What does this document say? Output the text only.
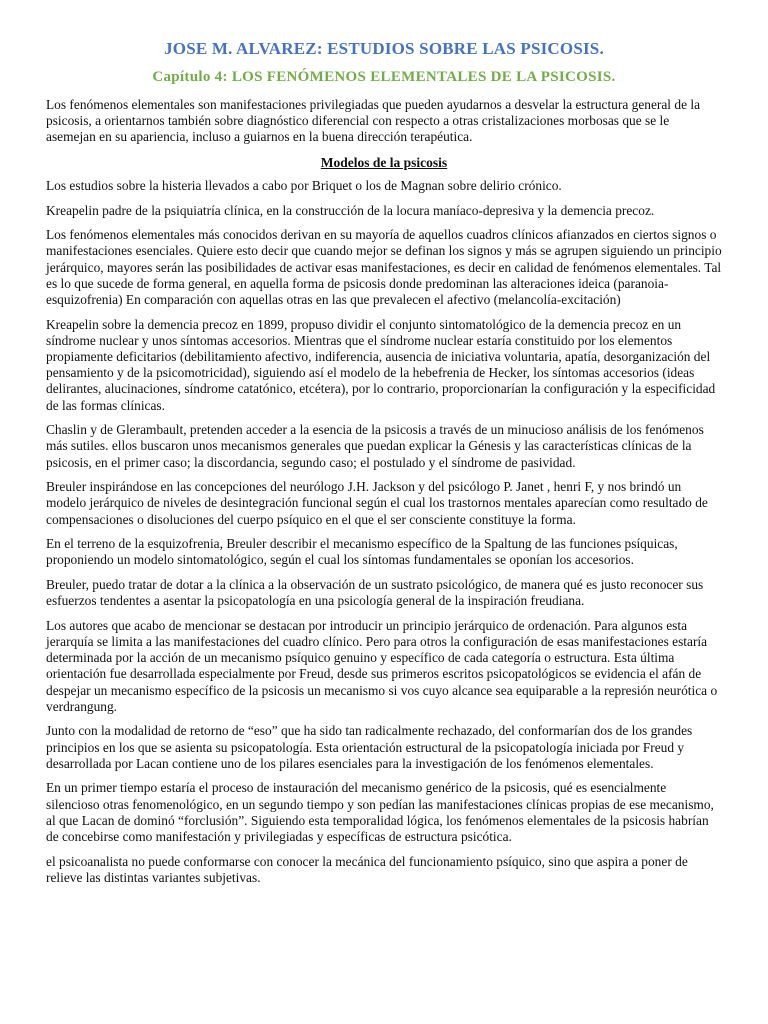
JOSE M. ALVAREZ: ESTUDIOS SOBRE LAS PSICOSIS.
Capítulo 4: LOS FENÓMENOS ELEMENTALES DE LA PSICOSIS.

Los fenómenos elementales son manifestaciones privilegiadas que pueden ayudarnos a desvelar la estructura general de la psicosis, a orientarnos también sobre diagnóstico diferencial con respecto a otras cristalizaciones morbosas que se le asemejan en su apariencia, incluso a guiarnos en la buena dirección terapéutica.

Modelos de la psicosis

Los estudios sobre la histeria llevados a cabo por Briquet o los de Magnan sobre delirio crónico.

Kreapelin padre de la psiquiatría clínica, en la construcción de la locura maníaco-depresiva y la demencia precoz.

Los fenómenos elementales más conocidos derivan en su mayoría de aquellos cuadros clínicos afianzados en ciertos signos o manifestaciones esenciales. Quiere esto decir que cuando mejor se definan los signos y más se agrupen siguiendo un principio jerárquico, mayores serán las posibilidades de activar esas manifestaciones, es decir en calidad de fenómenos elementales. Tal es lo que sucede de forma general, en aquella forma de psicosis donde predominan las alteraciones ideica (paranoia-esquizofrenia) En comparación con aquellas otras en las que prevalecen el afectivo (melancolía-excitación)

Kreapelin sobre la demencia precoz en 1899, propuso dividir el conjunto sintomatológico de la demencia precoz en un síndrome nuclear y unos síntomas accesorios. Mientras que el síndrome nuclear estaría constituido por los elementos propiamente deficitarios (debilitamiento afectivo, indiferencia, ausencia de iniciativa voluntaria, apatía, desorganización del pensamiento y de la psicomotricidad), siguiendo así el modelo de la hebefrenia de Hecker, los síntomas accesorios (ideas delirantes, alucinaciones, síndrome catatónico, etcétera), por lo contrario, proporcionarían la configuración y la especificidad de las formas clínicas.

Chaslin y de Glerambault, pretenden acceder a la esencia de la psicosis a través de un minucioso análisis de los fenómenos más sutiles. ellos buscaron unos mecanismos generales que puedan explicar la Génesis y las características clínicas de la psicosis, en el primer caso; la discordancia, segundo caso; el postulado y el síndrome de pasividad.

Breuler inspirándose en las concepciones del neurólogo J.H. Jackson y del psicólogo P. Janet , henri F, y nos brindó un modelo jerárquico de niveles de desintegración funcional según el cual los trastornos mentales aparecían como resultado de compensaciones o disoluciones del cuerpo psíquico en el que el ser consciente constituye la forma.

En el terreno de la esquizofrenia, Breuler describir el mecanismo específico de la Spaltung de las funciones psíquicas, proponiendo un modelo sintomatológico, según el cual los síntomas fundamentales se oponían los accesorios.

Breuler, puedo tratar de dotar a la clínica a la observación de un sustrato psicológico, de manera qué es justo reconocer sus esfuerzos tendentes a asentar la psicopatología en una psicología general de la inspiración freudiana.

Los autores que acabo de mencionar se destacan por introducir un principio jerárquico de ordenación. Para algunos esta jerarquía se limita a las manifestaciones del cuadro clínico. Pero para otros la configuración de esas manifestaciones estaría determinada por la acción de un mecanismo psíquico genuino y específico de cada categoría o estructura. Esta última orientación fue desarrollada especialmente por Freud, desde sus primeros escritos psicopatológicos se evidencia el afán de despejar un mecanismo específico de la psicosis un mecanismo si vos cuyo alcance sea equiparable a la represión neurótica o verdrangung.

Junto con la modalidad de retorno de “eso” que ha sido tan radicalmente rechazado, del conformarían dos de los grandes principios en los que se asienta su psicopatología. Esta orientación estructural de la psicopatología iniciada por Freud y desarrollada por Lacan contiene uno de los pilares esenciales para la investigación de los fenómenos elementales.

En un primer tiempo estaría el proceso de instauración del mecanismo genérico de la psicosis, qué es esencialmente silencioso otras fenomenológico, en un segundo tiempo y son pedían las manifestaciones clínicas propias de ese mecanismo, al que Lacan de dominó “forclusión”. Siguiendo esta temporalidad lógica, los fenómenos elementales de la psicosis habrían de concebirse como manifestación y privilegiadas y específicas de estructura psicótica.

el psicoanalista no puede conformarse con conocer la mecánica del funcionamiento psíquico, sino que aspira a poner de relieve las distintas variantes subjetivas.
